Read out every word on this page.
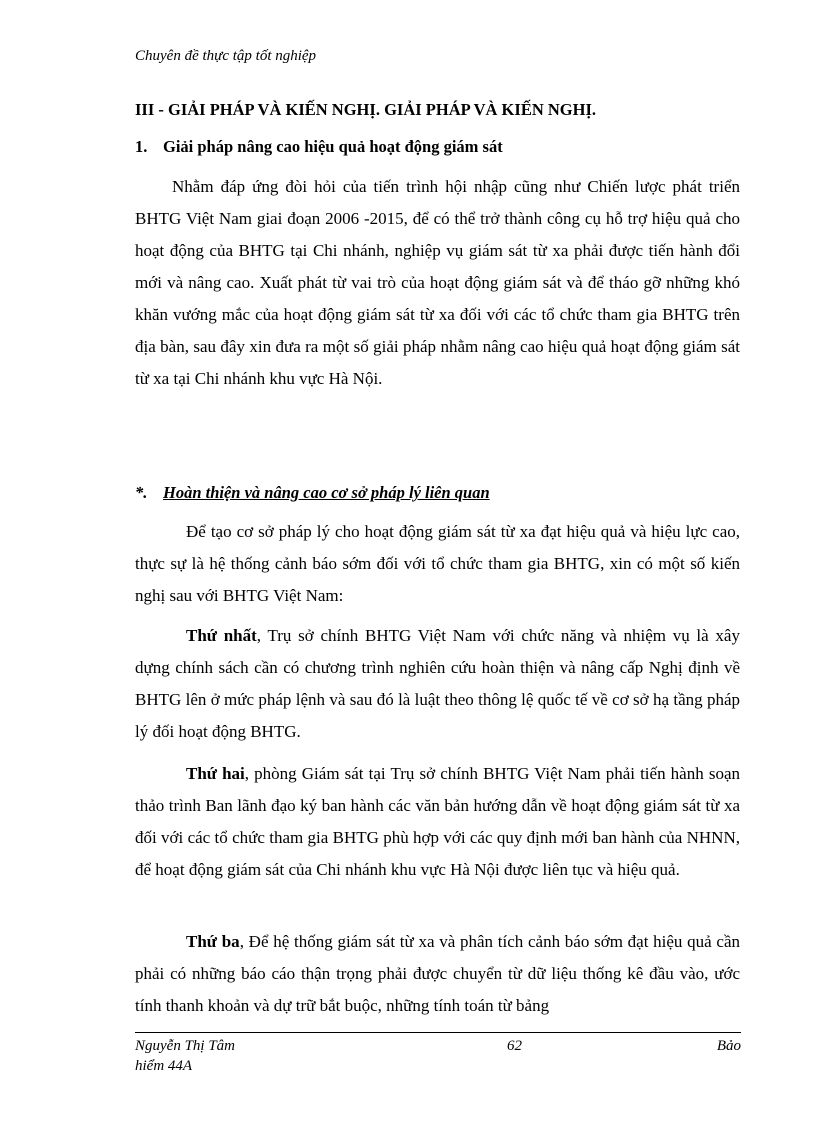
Chuyên đề thực tập tốt nghiệp
III - GIẢI PHÁP VÀ KIẾN NGHỊ. GIẢI PHÁP VÀ KIẾN NGHỊ.
1. Giải pháp nâng cao hiệu quả hoạt động giám sát

Nhằm đáp ứng đòi hỏi của tiến trình hội nhập cũng như Chiến lược phát triển BHTG Việt Nam giai đoạn 2006 -2015, để có thể trở thành công cụ hỗ trợ hiệu quả cho hoạt động của BHTG tại Chi nhánh, nghiệp vụ giám sát từ xa phải được tiến hành đổi mới và nâng cao. Xuất phát từ vai trò của hoạt động giám sát và để tháo gỡ những khó khăn vướng mắc của hoạt động giám sát từ xa đối với các tổ chức tham gia BHTG trên địa bàn, sau đây xin đưa ra một số giải pháp nhằm nâng cao hiệu quả hoạt động giám sát từ xa tại Chi nhánh khu vực Hà Nội.

*. Hoàn thiện và nâng cao cơ sở pháp lý liên quan

Để tạo cơ sở pháp lý cho hoạt động giám sát từ xa đạt hiệu quả và hiệu lực cao, thực sự là hệ thống cảnh báo sớm đối với tổ chức tham gia BHTG, xin có một số kiến nghị sau với BHTG Việt Nam:

Thứ nhất, Trụ sở chính BHTG Việt Nam với chức năng và nhiệm vụ là xây dựng chính sách cần có chương trình nghiên cứu hoàn thiện và nâng cấp Nghị định về BHTG lên ở mức pháp lệnh và sau đó là luật theo thông lệ quốc tế về cơ sở hạ tầng pháp lý đối hoạt động BHTG.

Thứ hai, phòng Giám sát tại Trụ sở chính BHTG Việt Nam phải tiến hành soạn thảo trình Ban lãnh đạo ký ban hành các văn bản hướng dẫn về hoạt động giám sát từ xa đối với các tổ chức tham gia BHTG phù hợp với các quy định mới ban hành của NHNN, để hoạt động giám sát của Chi nhánh khu vực Hà Nội được liên tục và hiệu quả.

Thứ ba, Để hệ thống giám sát từ xa và phân tích cảnh báo sớm đạt hiệu quả cần phải có những báo cáo thận trọng phải được chuyển từ dữ liệu thống kê đầu vào, ước tính thanh khoản và dự trữ bắt buộc, những tính toán từ bảng

Nguyễn Thị Tâm	62	Bảo
hiểm 44A
